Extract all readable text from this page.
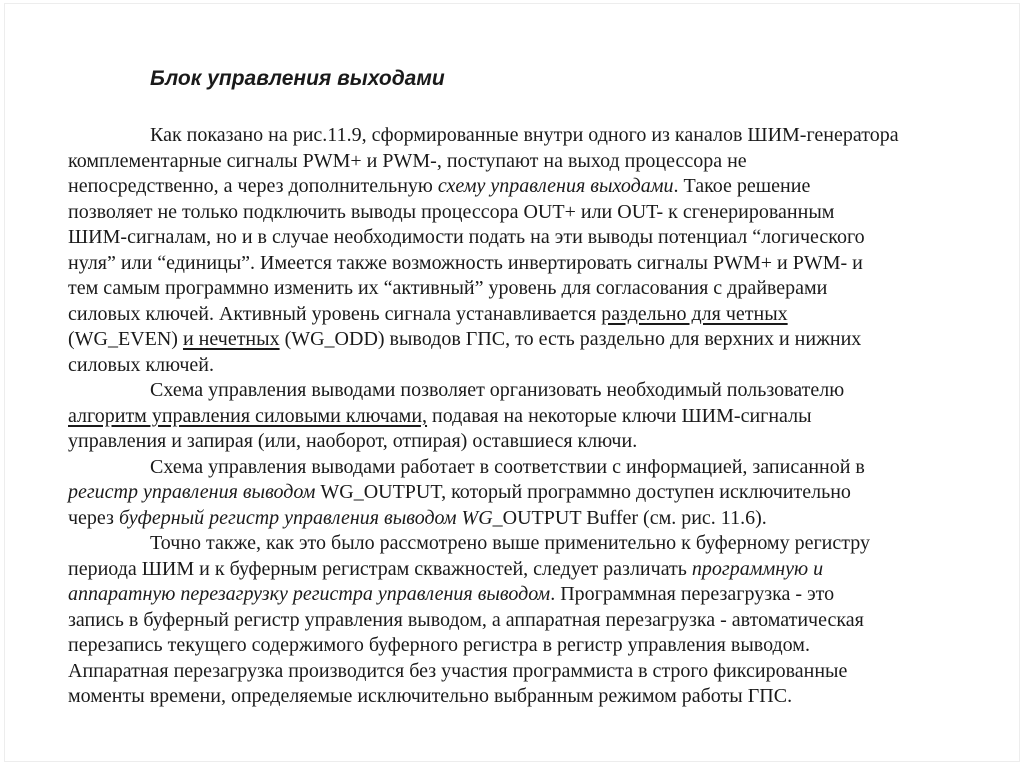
Блок управления выходами
Как показано на рис.11.9, сформированные внутри одного из каналов ШИМ-генератора
комплементарные сигналы PWM+ и PWM-, поступают на выход процессора не
непосредственно, а через дополнительную схему управления выходами. Такое решение
позволяет не только подключить выводы процессора OUT+ или OUT- к сгенерированным
ШИМ-сигналам, но и в случае необходимости подать на эти выводы потенциал “логического
нуля” или “единицы”. Имеется также возможность инвертировать сигналы PWM+ и PWM- и
тем самым программно изменить их “активный” уровень для согласования с драйверами
силовых ключей. Активный уровень сигнала устанавливается раздельно для четных
(WG_EVEN) и нечетных (WG_ODD) выводов ГПС, то есть раздельно для верхних и нижних
силовых ключей.
Схема управления выводами позволяет организовать необходимый пользователю
алгоритм управления силовыми ключами, подавая на некоторые ключи ШИМ-сигналы
управления и запирая (или, наоборот, отпирая) оставшиеся ключи.
Схема управления выводами работает в соответствии с информацией, записанной в
регистр управления выводом WG_OUTPUT, который программно доступен исключительно
через буферный регистр управления выводом WG_OUTPUT Buffer (см. рис. 11.6).
Точно также, как это было рассмотрено выше применительно к буферному регистру
периода ШИМ и к буферным регистрам скважностей, следует различать программную и
аппаратную перезагрузку регистра управления выводом. Программная перезагрузка - это
запись в буферный регистр управления выводом, а аппаратная перезагрузка - автоматическая
перезапись текущего содержимого буферного регистра в регистр управления выводом.
Аппаратная перезагрузка производится без участия программиста в строго фиксированные
моменты времени, определяемые исключительно выбранным режимом работы ГПС.
